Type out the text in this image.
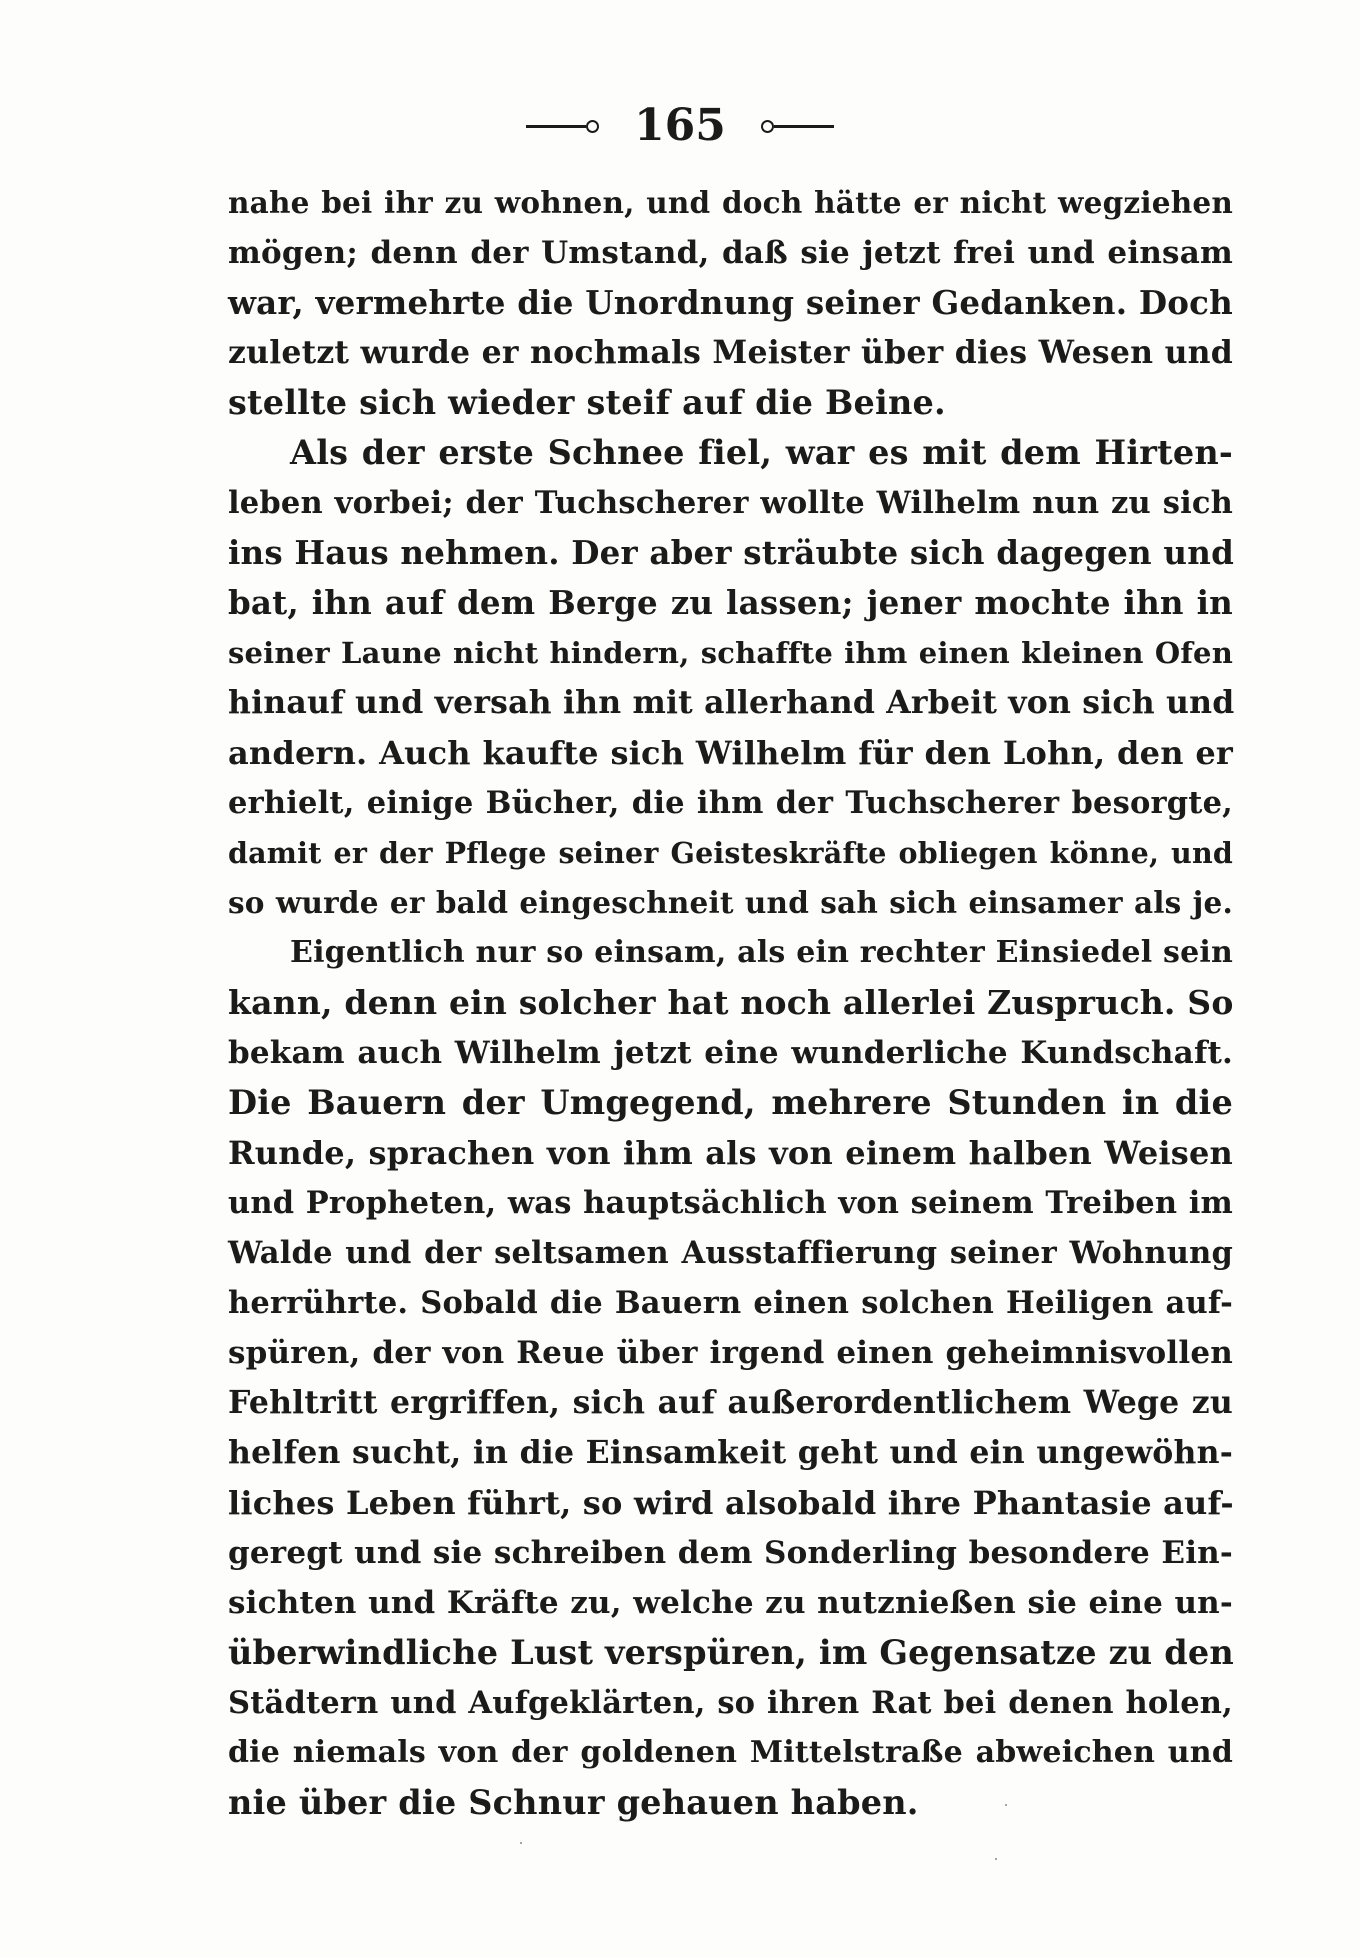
165
nahe bei ihr zu wohnen, und doch hätte er nicht wegziehen
mögen; denn der Umstand, daß sie jetzt frei und einsam
war, vermehrte die Unordnung seiner Gedanken. Doch
zuletzt wurde er nochmals Meister über dies Wesen und
stellte sich wieder steif auf die Beine.
Als der erste Schnee fiel, war es mit dem Hirten-
leben vorbei; der Tuchscherer wollte Wilhelm nun zu sich
ins Haus nehmen. Der aber sträubte sich dagegen und
bat, ihn auf dem Berge zu lassen; jener mochte ihn in
seiner Laune nicht hindern, schaffte ihm einen kleinen Ofen
hinauf und versah ihn mit allerhand Arbeit von sich und
andern. Auch kaufte sich Wilhelm für den Lohn, den er
erhielt, einige Bücher, die ihm der Tuchscherer besorgte,
damit er der Pflege seiner Geisteskräfte obliegen könne, und
so wurde er bald eingeschneit und sah sich einsamer als je.
Eigentlich nur so einsam, als ein rechter Einsiedel sein
kann, denn ein solcher hat noch allerlei Zuspruch. So
bekam auch Wilhelm jetzt eine wunderliche Kundschaft.
Die Bauern der Umgegend, mehrere Stunden in die
Runde, sprachen von ihm als von einem halben Weisen
und Propheten, was hauptsächlich von seinem Treiben im
Walde und der seltsamen Ausstaffierung seiner Wohnung
herrührte. Sobald die Bauern einen solchen Heiligen auf-
spüren, der von Reue über irgend einen geheimnisvollen
Fehltritt ergriffen, sich auf außerordentlichem Wege zu
helfen sucht, in die Einsamkeit geht und ein ungewöhn-
liches Leben führt, so wird alsobald ihre Phantasie auf-
geregt und sie schreiben dem Sonderling besondere Ein-
sichten und Kräfte zu, welche zu nutznießen sie eine un-
überwindliche Lust verspüren, im Gegensatze zu den
Städtern und Aufgeklärten, so ihren Rat bei denen holen,
die niemals von der goldenen Mittelstraße abweichen und
nie über die Schnur gehauen haben.
